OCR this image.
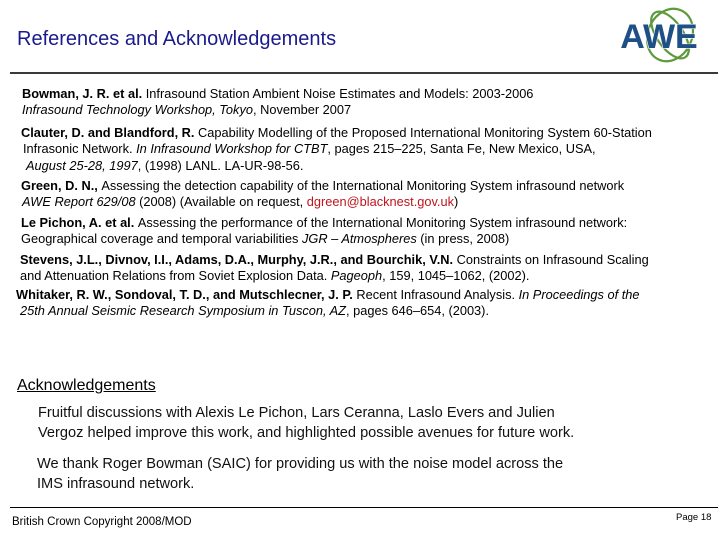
References and Acknowledgements	AWE
Bowman, J. R. et al. Infrasound Station Ambient Noise Estimates and Models: 2003-2006
Infrasound Technology Workshop, Tokyo, November 2007
Clauter, D. and Blandford, R. Capability Modelling of the Proposed International Monitoring System 60-Station
Infrasonic Network. In Infrasound Workshop for CTBT, pages 215–225, Santa Fe, New Mexico, USA,
August 25-28, 1997, (1998) LANL. LA-UR-98-56.
Green, D. N., Assessing the detection capability of the International Monitoring System infrasound network
AWE Report 629/08 (2008) (Available on request, dgreen@blacknest.gov.uk)
Le Pichon, A. et al. Assessing the performance of the International Monitoring System infrasound network:
Geographical coverage and temporal variabilities JGR – Atmospheres (in press, 2008)
Stevens, J.L., Divnov, I.I., Adams, D.A., Murphy, J.R., and Bourchik, V.N. Constraints on Infrasound Scaling
and Attenuation Relations from Soviet Explosion Data. Pageoph, 159, 1045–1062, (2002).
Whitaker, R. W., Sondoval, T. D., and Mutschlecner, J. P. Recent Infrasound Analysis. In Proceedings of the
25th Annual Seismic Research Symposium in Tuscon, AZ, pages 646–654, (2003).
Acknowledgements
Fruitful discussions with Alexis Le Pichon, Lars Ceranna, Laslo Evers and Julien
Vergoz helped improve this work, and highlighted possible avenues for future work.
We thank Roger Bowman (SAIC) for providing us with the noise model across the
IMS infrasound network.
British Crown Copyright 2008/MOD	Page 18
